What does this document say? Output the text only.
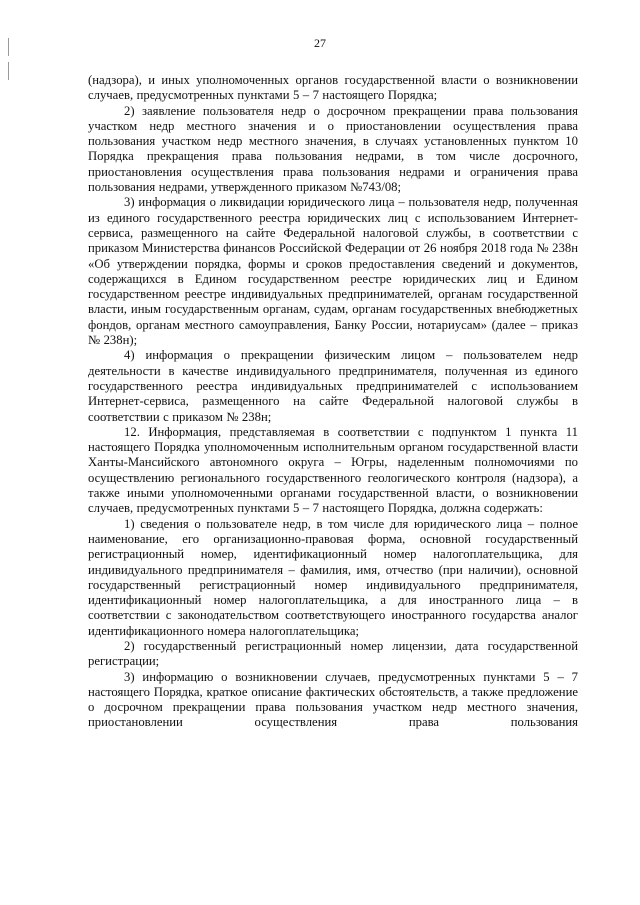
27

(надзора), и иных уполномоченных органов государственной власти о возникновении случаев, предусмотренных пунктами 5 – 7 настоящего Порядка;

2) заявление пользователя недр о досрочном прекращении права пользования участком недр местного значения и о приостановлении осуществления права пользования участком недр местного значения, в случаях установленных пунктом 10 Порядка прекращения права пользования недрами, в том числе досрочного, приостановления осуществления права пользования недрами и ограничения права пользования недрами, утвержденного приказом №743/08;

3) информация о ликвидации юридического лица – пользователя недр, полученная из единого государственного реестра юридических лиц с использованием Интернет-сервиса, размещенного на сайте Федеральной налоговой службы, в соответствии с приказом Министерства финансов Российской Федерации от 26 ноября 2018 года № 238н «Об утверждении порядка, формы и сроков предоставления сведений и документов, содержащихся в Едином государственном реестре юридических лиц и Едином государственном реестре индивидуальных предпринимателей, органам государственной власти, иным государственным органам, судам, органам государственных внебюджетных фондов, органам местного самоуправления, Банку России, нотариусам» (далее – приказ № 238н);

4) информация о прекращении физическим лицом – пользователем недр деятельности в качестве индивидуального предпринимателя, полученная из единого государственного реестра индивидуальных предпринимателей с использованием Интернет-сервиса, размещенного на сайте Федеральной налоговой службы в соответствии с приказом № 238н;

12. Информация, представляемая в соответствии с подпунктом 1 пункта 11 настоящего Порядка уполномоченным исполнительным органом государственной власти Ханты-Мансийского автономного округа – Югры, наделенным полномочиями по осуществлению регионального государственного геологического контроля (надзора), а также иными уполномоченными органами государственной власти, о возникновении случаев, предусмотренных пунктами 5 – 7 настоящего Порядка, должна содержать:

1) сведения о пользователе недр, в том числе для юридического лица – полное наименование, его организационно-правовая форма, основной государственный регистрационный номер, идентификационный номер налогоплательщика, для индивидуального предпринимателя – фамилия, имя, отчество (при наличии), основной государственный регистрационный номер индивидуального предпринимателя, идентификационный номер налогоплательщика, а для иностранного лица – в соответствии с законодательством соответствующего иностранного государства аналог идентификационного номера налогоплательщика;

2) государственный регистрационный номер лицензии, дата государственной регистрации;

3) информацию о возникновении случаев, предусмотренных пунктами 5 – 7 настоящего Порядка, краткое описание фактических обстоятельств, а также предложение о досрочном прекращении права пользования участком недр местного значения, приостановлении осуществления права пользования
